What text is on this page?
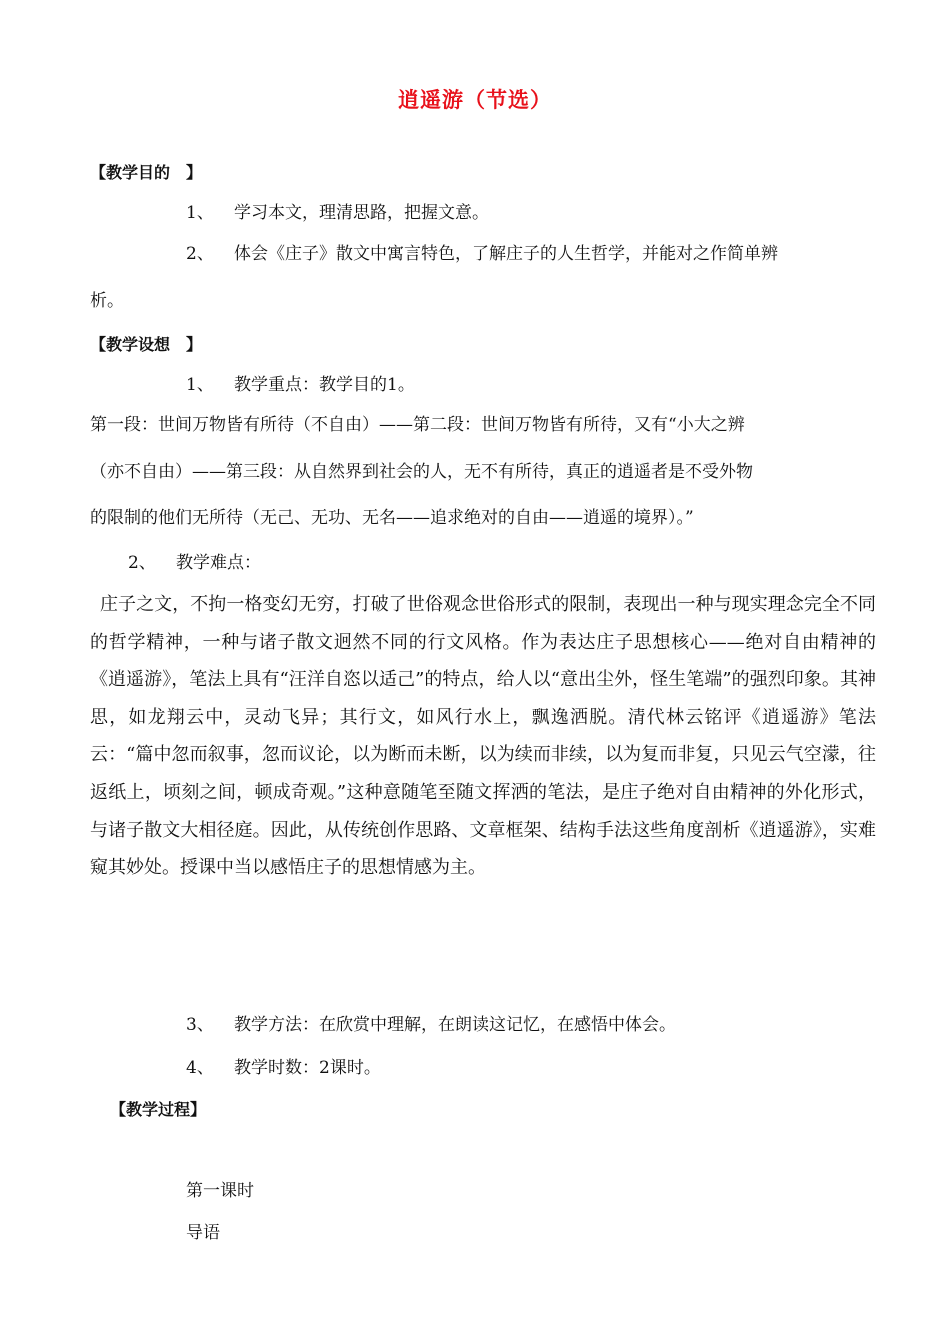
逍遥游（节选）
【教学目的　】
1、 学习本文，理清思路，把握文意。
2、 体会《庄子》散文中寓言特色，了解庄子的人生哲学，并能对之作简单辨
析。
【教学设想　】
1、 教学重点：教学目的1。
第一段：世间万物皆有所待（不自由）——第二段：世间万物皆有所待，又有“小大之辨
（亦不自由）——第三段：从自然界到社会的人，无不有所待，真正的逍遥者是不受外物
的限制的他们无所待（无己、无功、无名——追求绝对的自由——逍遥的境界）。”
2、 教学难点：
庄子之文，不拘一格变幻无穷，打破了世俗观念世俗形式的限制，表现出一种与现实理念完全不同的哲学精神，一种与诸子散文迥然不同的行文风格。作为表达庄子思想核心——绝对自由精神的《逍遥游》，笔法上具有“汪洋自恣以适己”的特点，给人以“意出尘外，怪生笔端”的强烈印象。其神思，如龙翔云中，灵动飞异；其行文，如风行水上，飘逸洒脱。清代林云铭评《逍遥游》笔法云：“篇中忽而叙事，忽而议论，以为断而未断，以为续而非续，以为复而非复，只见云气空濛，往返纸上，顷刻之间，顿成奇观。”这种意随笔至随文挥洒的笔法，是庄子绝对自由精神的外化形式，与诸子散文大相径庭。因此，从传统创作思路、文章框架、结构手法这些角度剖析《逍遥游》，实难窥其妙处。授课中当以感悟庄子的思想情感为主。
3、 教学方法：在欣赏中理解，在朗读这记忆，在感悟中体会。
4、 教学时数：2课时。
【教学过程】
第一课时
导语
